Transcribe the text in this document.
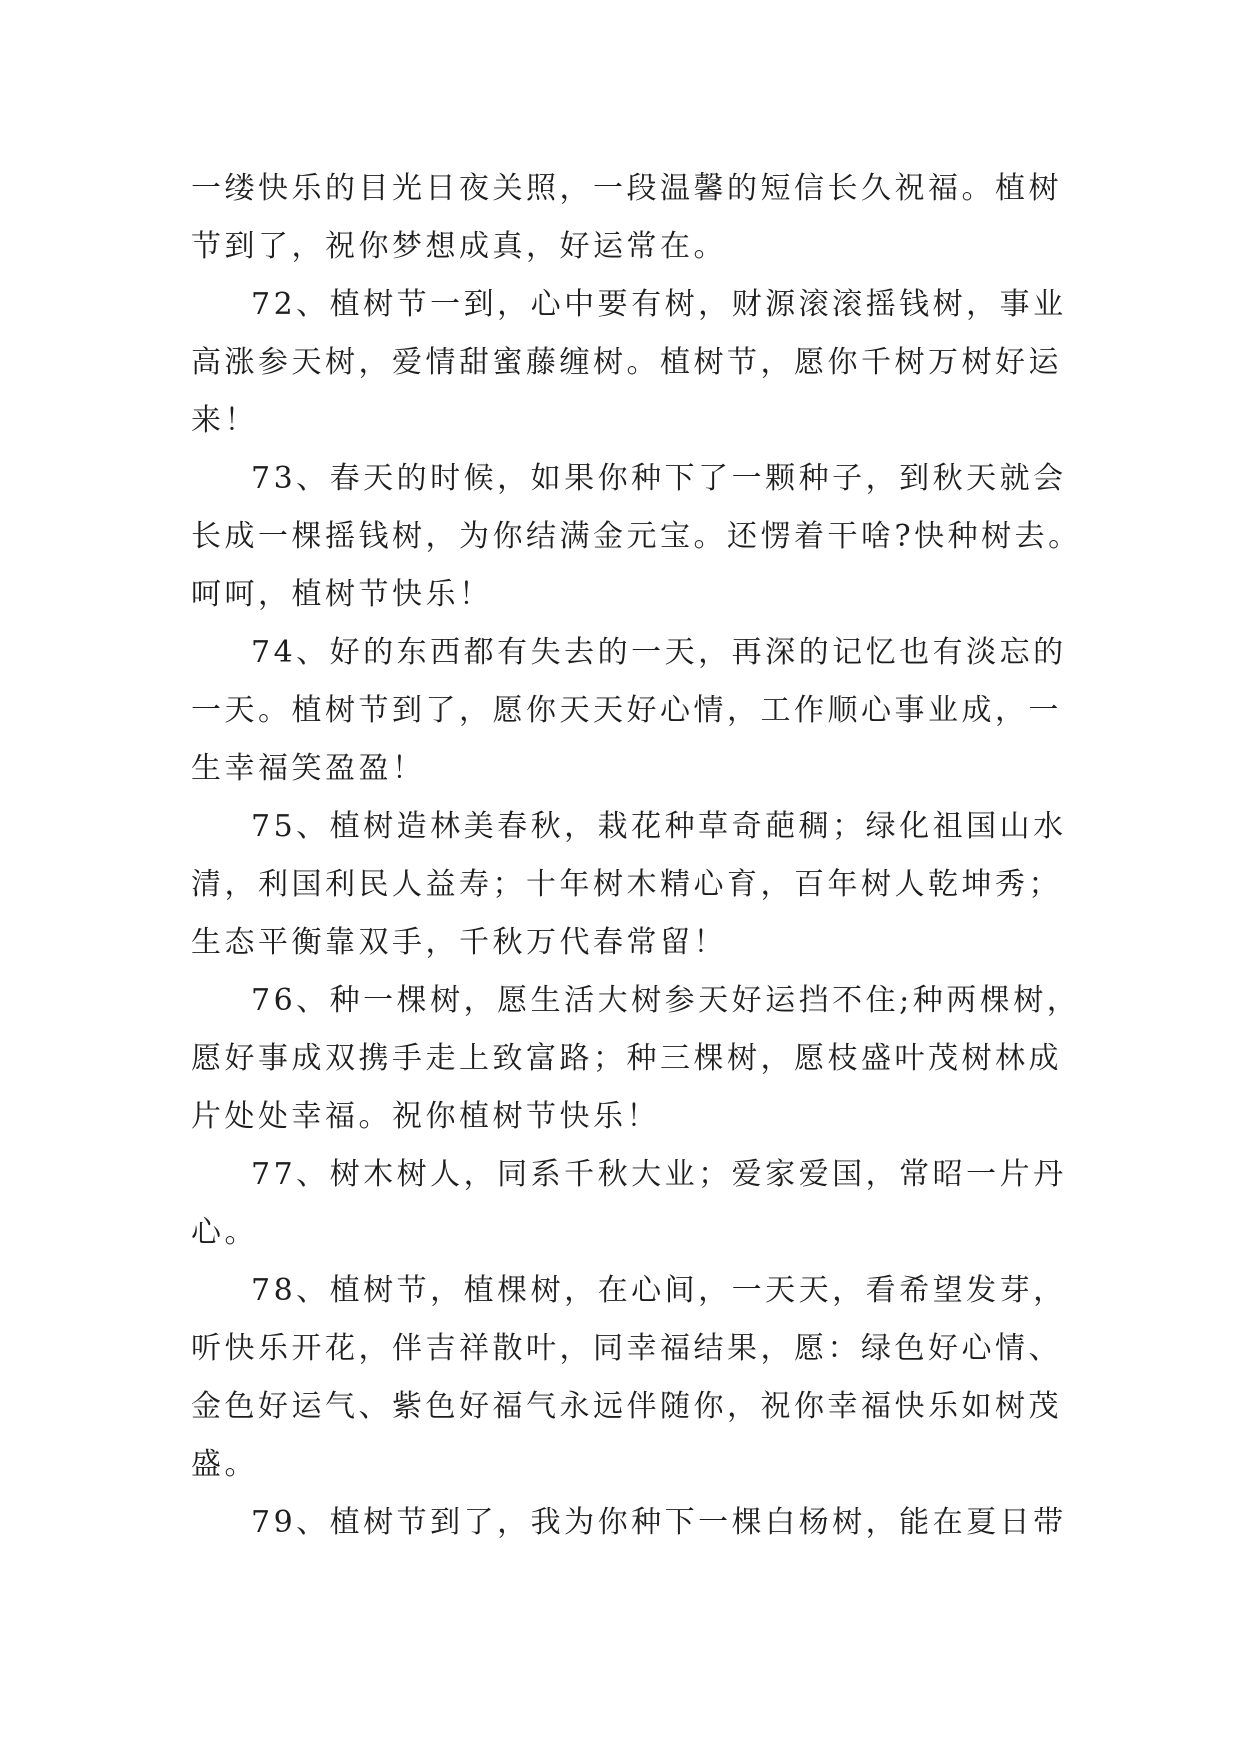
一缕快乐的目光日夜关照，一段温馨的短信长久祝福。植树
节到了，祝你梦想成真，好运常在。

72、植树节一到，心中要有树，财源滚滚摇钱树，事业
高涨参天树，爱情甜蜜藤缠树。植树节，愿你千树万树好运
来！

73、春天的时候，如果你种下了一颗种子，到秋天就会
长成一棵摇钱树，为你结满金元宝。还愣着干啥?快种树去。
呵呵，植树节快乐！

74、好的东西都有失去的一天，再深的记忆也有淡忘的
一天。植树节到了，愿你天天好心情，工作顺心事业成，一
生幸福笑盈盈！

75、植树造林美春秋，栽花种草奇葩稠；绿化祖国山水
清，利国利民人益寿；十年树木精心育，百年树人乾坤秀；
生态平衡靠双手，千秋万代春常留！

76、种一棵树，愿生活大树参天好运挡不住;种两棵树，
愿好事成双携手走上致富路；种三棵树，愿枝盛叶茂树林成
片处处幸福。祝你植树节快乐！

77、树木树人，同系千秋大业；爱家爱国，常昭一片丹
心。

78、植树节，植棵树，在心间，一天天，看希望发芽，
听快乐开花，伴吉祥散叶，同幸福结果，愿：绿色好心情、
金色好运气、紫色好福气永远伴随你，祝你幸福快乐如树茂
盛。

79、植树节到了，我为你种下一棵白杨树，能在夏日带
